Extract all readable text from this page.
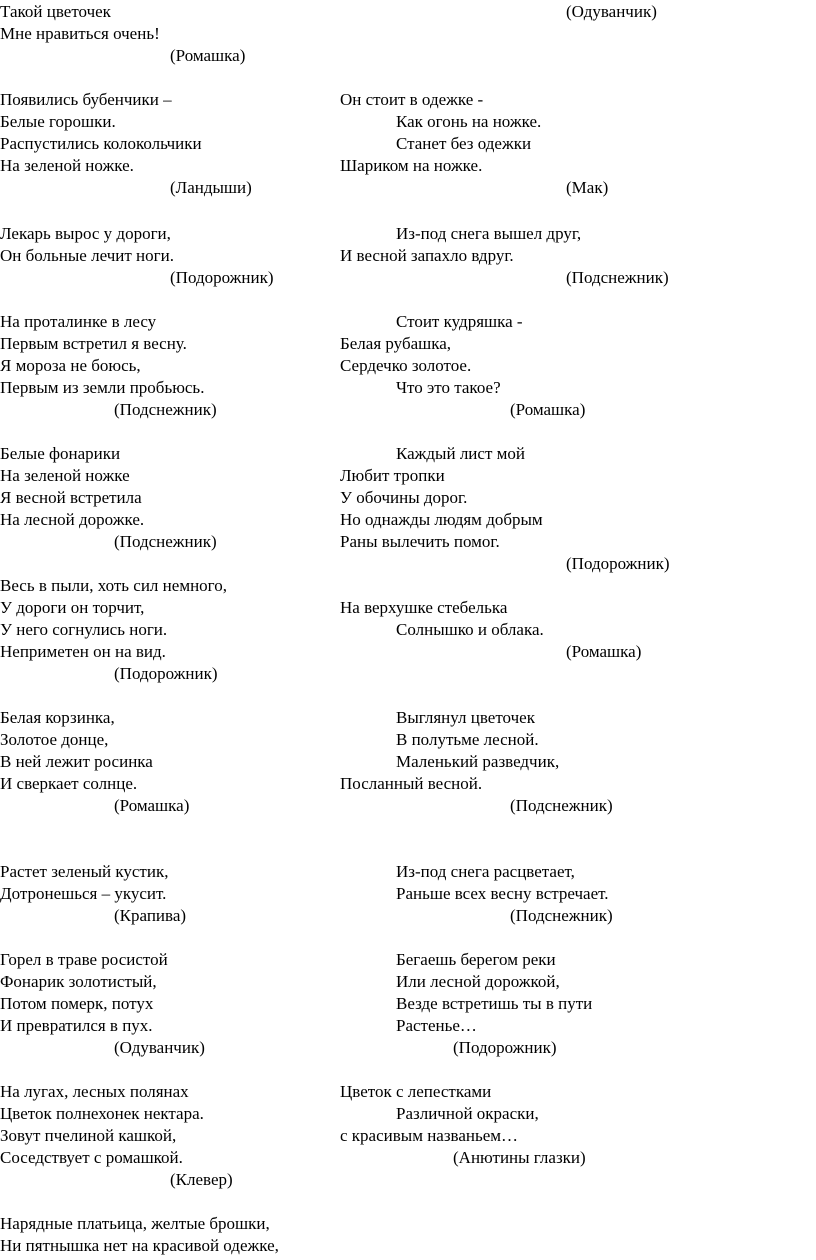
Такой цветочек	(Одуванчик)

Мне нравиться очень!

(Ромашка)

Появились бубенчики –	Он стоит в одежке -

Белые горошки.	Как огонь на ножке.

Распустились колокольчики	Станет без одежки

На зеленой ножке.	Шариком на ножке.

(Ландыши)	(Мак)

Лекарь вырос у дороги,	Из-под снега вышел друг,

Он больные лечит ноги.	И весной запахло вдруг.

(Подорожник)	(Подснежник)

На проталинке в лесу	Стоит кудряшка -

Первым встретил я весну.	Белая рубашка,

Я мороза не боюсь,	Сердечко золотое.

Первым из земли пробьюсь.	Что это такое?

(Подснежник)	(Ромашка)

Белые фонарики	Каждый лист мой

На зеленой ножке	Любит тропки

Я весной встретила	У обочины дорог.

На лесной дорожке.	Но однажды людям добрым

(Подснежник)	Раны вылечить помог.

(Подорожник)

Весь в пыли, хоть сил немного,

У дороги он торчит,	На верхушке стебелька

У него согнулись ноги.	Солнышко и облака.

Неприметен он на вид.	(Ромашка)

(Подорожник)

Белая корзинка,	Выглянул цветочек

Золотое донце,	В полутьме лесной.

В ней лежит росинка	Маленький разведчик,

И сверкает солнце.	Посланный весной.

(Ромашка)	(Подснежник)

Растет зеленый кустик,	Из-под снега расцветает,

Дотронешься – укусит.	Раньше всех весну встречает.

(Крапива)	(Подснежник)

Горел в траве росистой	Бегаешь берегом реки

Фонарик золотистый,	Или лесной дорожкой,

Потом померк, потух	Везде встретишь ты в пути

И превратился в пух.	Растенье…

(Одуванчик)	(Подорожник)

На лугах, лесных полянах	Цветок с лепестками

Цветок полнехонек нектара.	Различной окраски,

Зовут пчелиной кашкой,	с красивым названьем…

Соседствует с ромашкой.	(Анютины глазки)

(Клевер)

Нарядные платьица, желтые брошки,

Ни пятнышка нет на красивой одежке,
